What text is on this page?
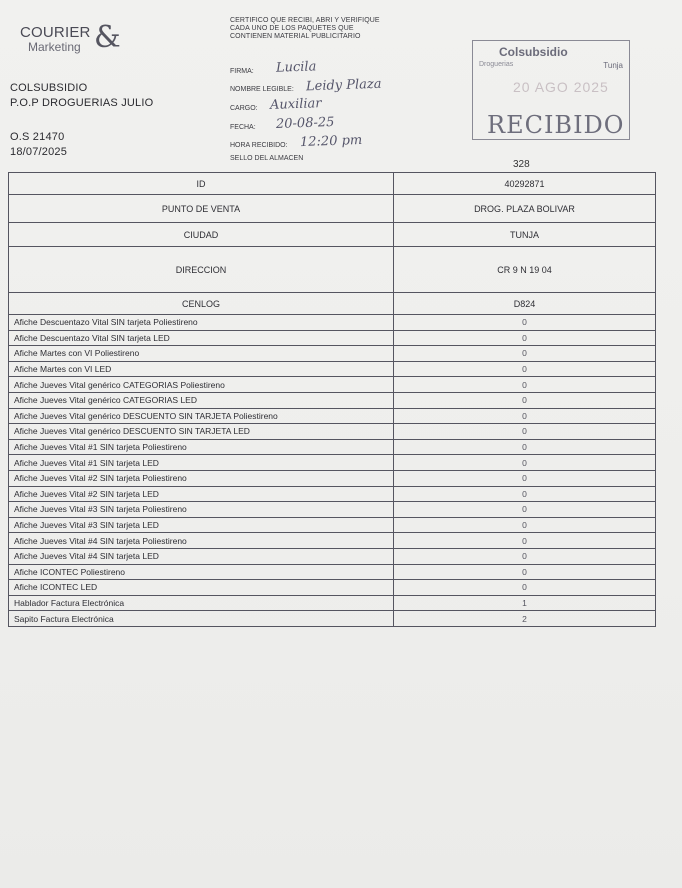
COURIER
Marketing &
COLSUBSIDIO
P.O.P DROGUERIAS JULIO
O.S 21470
18/07/2025
CERTIFICO QUE RECIBI, ABRI Y VERIFIQUE CADA UNO DE LOS PAQUETES QUE CONTIENEN MATERIAL PUBLICITARIO
FIRMA: Lucila
NOMBRE LEGIBLE: Leidy Plaza
CARGO: Auxiliar
FECHA: 20-08-25
HORA RECIBIDO: 12:20 pm
SELLO DEL ALMACEN
Colsubsidio
Droguerias	Tunja
20 AGO 2025
RECIBIDO
328
ID	40292871
PUNTO DE VENTA	DROG. PLAZA BOLIVAR
CIUDAD	TUNJA
DIRECCION	CR 9 N 19 04
CENLOG	D824
Afiche Descuentazo Vital SIN tarjeta Poliestireno	0
Afiche Descuentazo Vital SIN tarjeta LED	0
Afiche Martes con VI Poliestireno	0
Afiche Martes con VI LED	0
Afiche Jueves Vital genérico CATEGORIAS Poliestireno	0
Afiche Jueves Vital genérico CATEGORIAS LED	0
Afiche Jueves Vital genérico DESCUENTO SIN TARJETA Poliestireno	0
Afiche Jueves Vital genérico DESCUENTO SIN TARJETA LED	0
Afiche Jueves Vital #1 SIN tarjeta Poliestireno	0
Afiche Jueves Vital #1 SIN tarjeta LED	0
Afiche Jueves Vital #2 SIN tarjeta Poliestireno	0
Afiche Jueves Vital #2 SIN tarjeta LED	0
Afiche Jueves Vital #3 SIN tarjeta Poliestireno	0
Afiche Jueves Vital #3 SIN tarjeta LED	0
Afiche Jueves Vital #4 SIN tarjeta Poliestireno	0
Afiche Jueves Vital #4 SIN tarjeta LED	0
Afiche ICONTEC Poliestireno	0
Afiche ICONTEC LED	0
Hablador Factura Electrónica	1
Sapito Factura Electrónica	2
